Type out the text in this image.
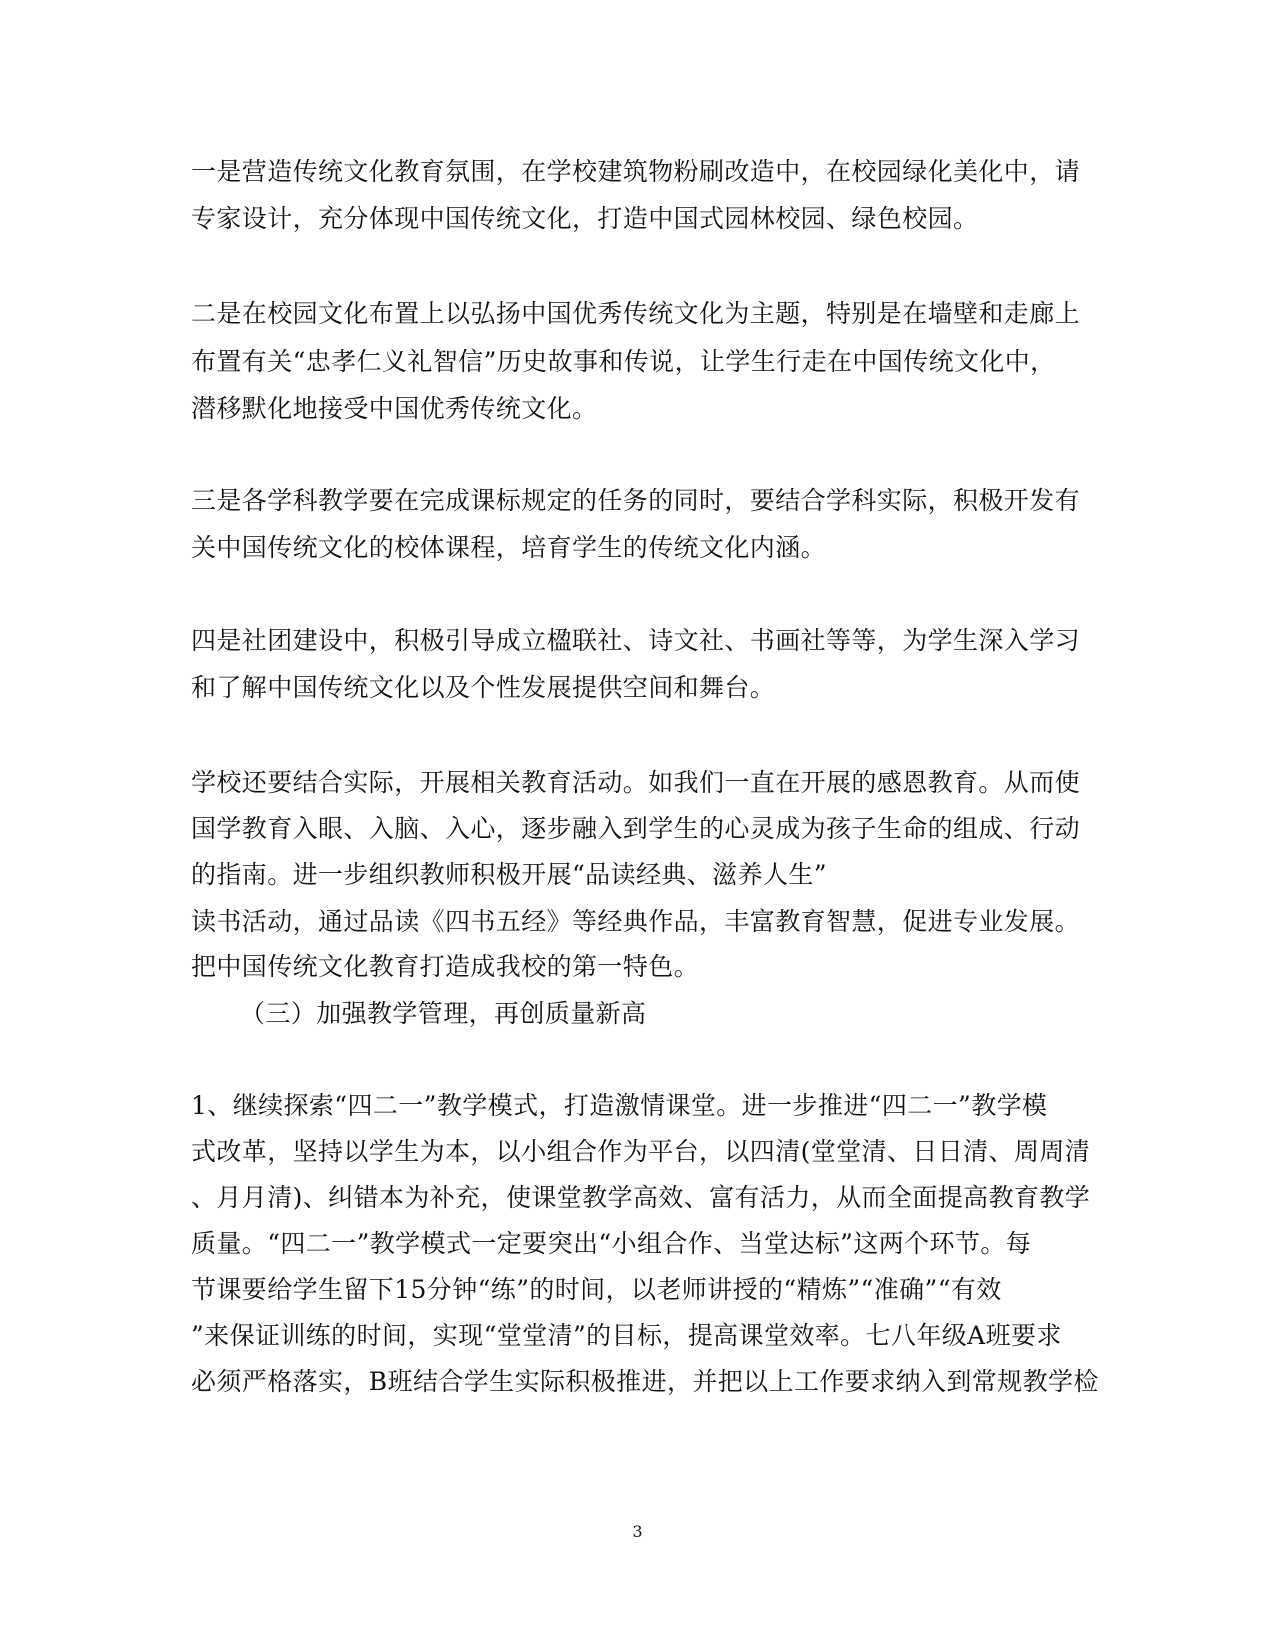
一是营造传统文化教育氛围，在学校建筑物粉刷改造中，在校园绿化美化中，请
专家设计，充分体现中国传统文化，打造中国式园林校园、绿色校园。
二是在校园文化布置上以弘扬中国优秀传统文化为主题，特别是在墙壁和走廊上
布置有关“忠孝仁义礼智信”历史故事和传说，让学生行走在中国传统文化中，
潜移默化地接受中国优秀传统文化。
三是各学科教学要在完成课标规定的任务的同时，要结合学科实际，积极开发有
关中国传统文化的校体课程，培育学生的传统文化内涵。
四是社团建设中，积极引导成立楹联社、诗文社、书画社等等，为学生深入学习
和了解中国传统文化以及个性发展提供空间和舞台。
学校还要结合实际，开展相关教育活动。如我们一直在开展的感恩教育。从而使
国学教育入眼、入脑、入心，逐步融入到学生的心灵成为孩子生命的组成、行动
的指南。进一步组织教师积极开展“品读经典、滋养人生”
读书活动，通过品读《四书五经》等经典作品，丰富教育智慧，促进专业发展。
把中国传统文化教育打造成我校的第一特色。
（三）加强教学管理，再创质量新高
1、继续探索“四二一”教学模式，打造激情课堂。进一步推进“四二一”教学模
式改革，坚持以学生为本，以小组合作为平台，以四清(堂堂清、日日清、周周清
、月月清)、纠错本为补充，使课堂教学高效、富有活力，从而全面提高教育教学
质量。“四二一”教学模式一定要突出“小组合作、当堂达标”这两个环节。每
节课要给学生留下15分钟“练”的时间，以老师讲授的“精炼”“准确”“有效
”来保证训练的时间，实现“堂堂清”的目标，提高课堂效率。七八年级A班要求
必须严格落实，B班结合学生实际积极推进，并把以上工作要求纳入到常规教学检
3
